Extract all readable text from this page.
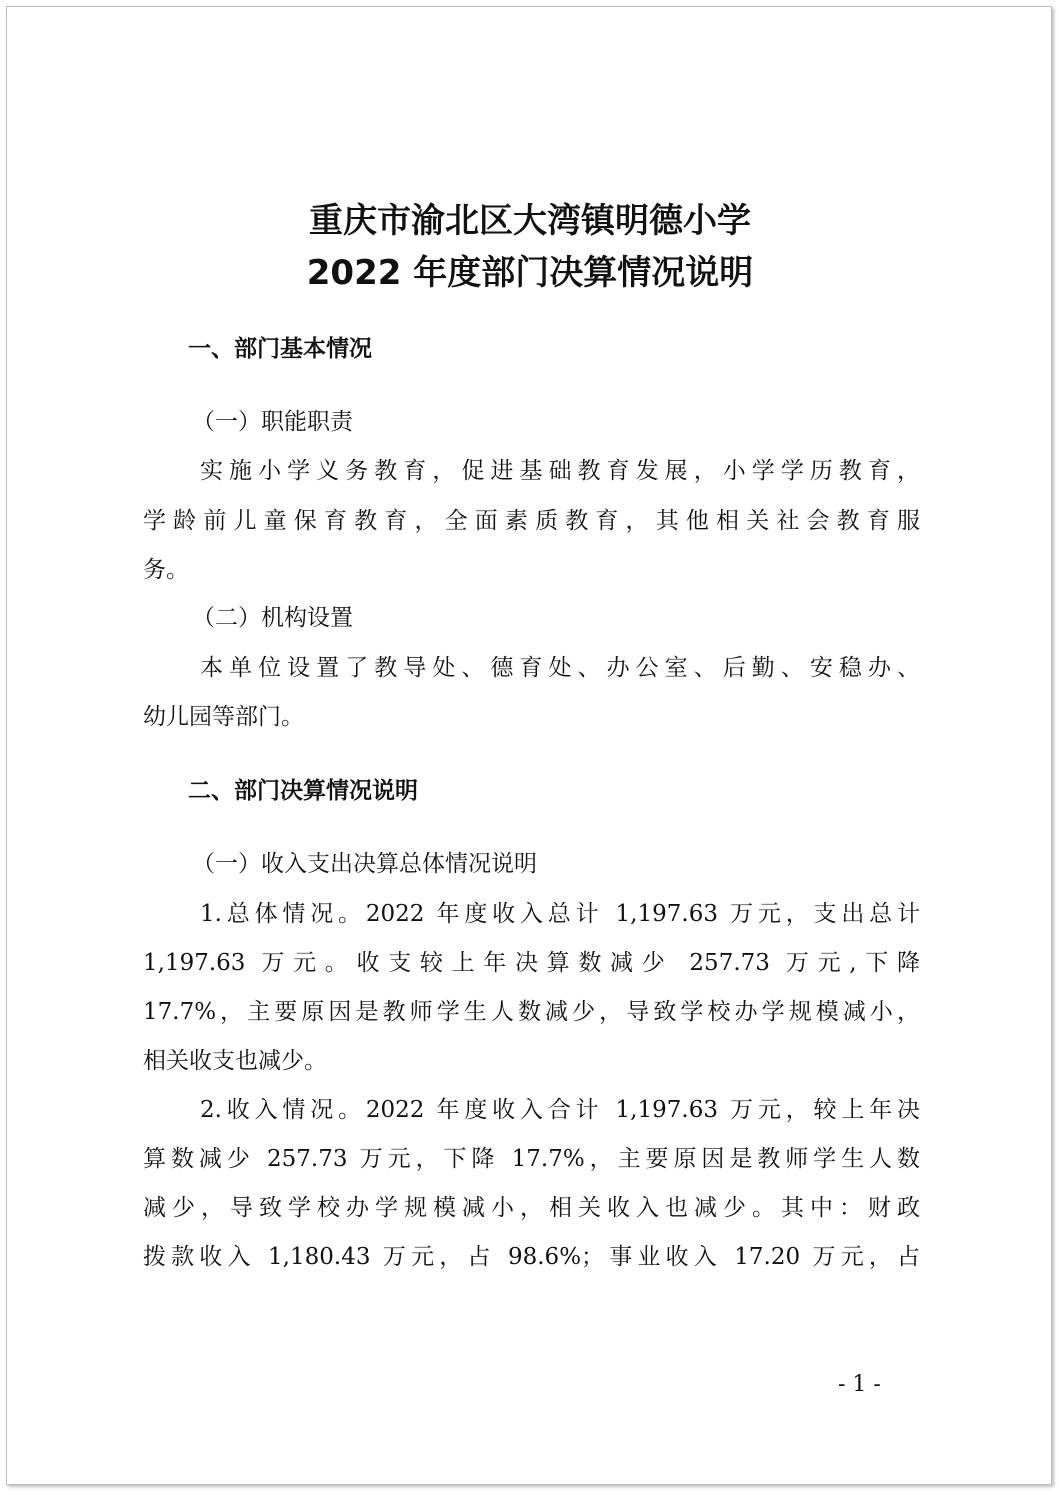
重庆市渝北区大湾镇明德小学
2022 年度部门决算情况说明
一、部门基本情况

（一）职能职责

实施小学义务教育，促进基础教育发展，小学学历教育，

学龄前儿童保育教育，全面素质教育，其他相关社会教育服

务。

（二）机构设置

本单位设置了教导处、德育处、办公室、后勤、安稳办、

幼儿园等部门。

二、部门决算情况说明

（一）收入支出决算总体情况说明

1.总体情况。2022 年度收入总计 1,197.63 万元，支出总计

1,197.63 万元。收支较上年决算数减少 257.73 万元,下降

17.7%，主要原因是教师学生人数减少，导致学校办学规模减小，

相关收支也减少。

2.收入情况。2022 年度收入合计 1,197.63 万元，较上年决

算数减少 257.73 万元，下降 17.7%，主要原因是教师学生人数

减少，导致学校办学规模减小，相关收入也减少。其中：财政

拨款收入 1,180.43 万元，占 98.6%；事业收入 17.20 万元，占

- 1 -
